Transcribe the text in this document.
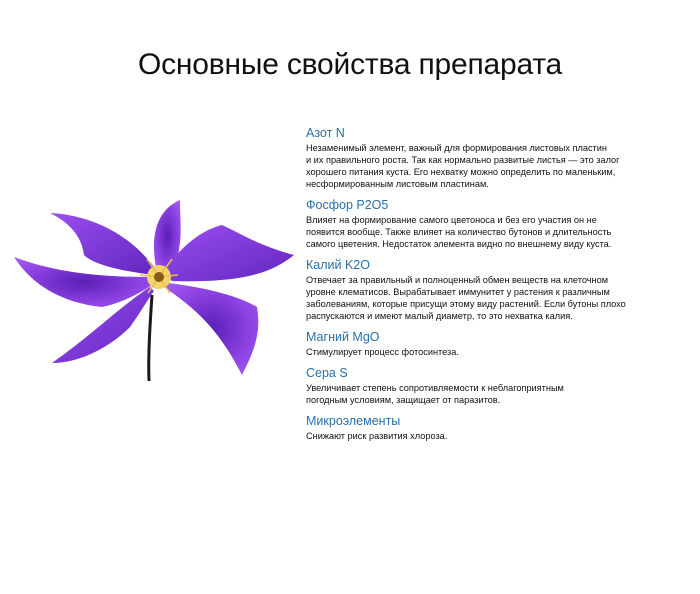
Основные свойства препарата
Азот N
Незаменимый элемент, важный для формирования листовых пластин
и их правильного роста. Так как нормально развитые листья — это залог
хорошего питания куста. Его нехватку можно определить по маленьким,
несформированным листовым пластинам.
Фосфор P2O5
Влияет на формирование самого цветоноса и без его участия он не
появится вообще. Также влияет на количество бутонов и длительность
самого цветения. Недостаток элемента видно по внешнему виду куста.
Калий K2O
Отвечает за правильный и полноценный обмен веществ на клеточном
уровне клематисов. Вырабатывает иммунитет у растения к различным
заболеваниям, которые присущи этому виду растений. Если бутоны плохо
распускаются и имеют малый диаметр, то это нехватка калия.
Магний MgO
Стимулирует процесс фотосинтеза.
Сера S
Увеличивает степень сопротивляемости к неблагоприятным
погодным условиям, защищает от паразитов.
Микроэлементы
Снижают риск развития хлороза.
